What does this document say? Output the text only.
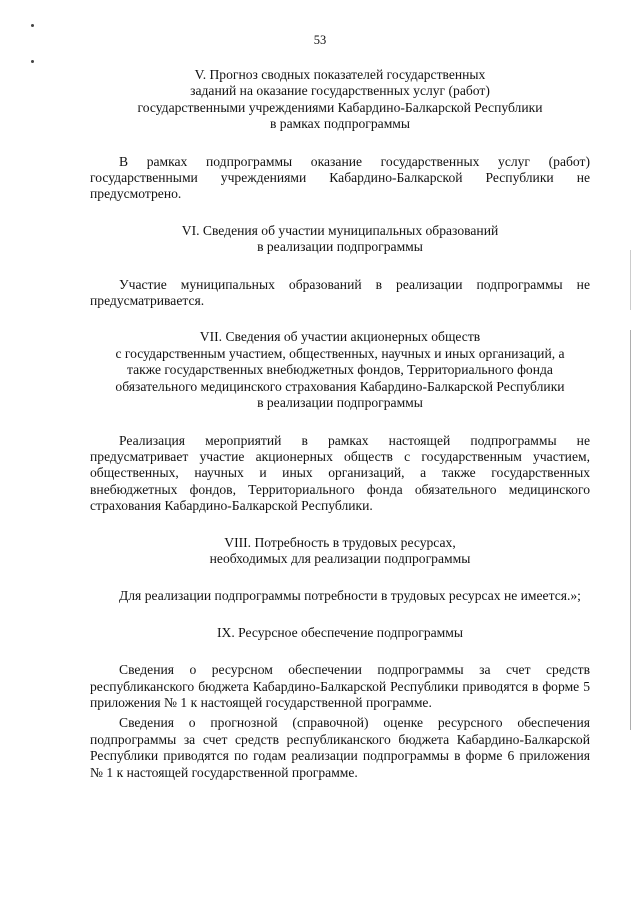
53
V. Прогноз сводных показателей государственных
заданий на оказание государственных услуг (работ)
государственными учреждениями Кабардино-Балкарской Республики
в рамках подпрограммы

В рамках подпрограммы оказание государственных услуг (работ) государственными учреждениями Кабардино-Балкарской Республики не предусмотрено.

VI. Сведения об участии муниципальных образований
в реализации подпрограммы

Участие муниципальных образований в реализации подпрограммы не предусматривается.

VII. Сведения об участии акционерных обществ
с государственным участием, общественных, научных и иных организаций, а
также государственных внебюджетных фондов, Территориального фонда
обязательного медицинского страхования Кабардино-Балкарской Республики
в реализации подпрограммы

Реализация мероприятий в рамках настоящей подпрограммы не предусматривает участие акционерных обществ с государственным участием, общественных, научных и иных организаций, а также государственных внебюджетных фондов, Территориального фонда обязательного медицинского страхования Кабардино-Балкарской Республики.

VIII. Потребность в трудовых ресурсах,
необходимых для реализации подпрограммы

Для реализации подпрограммы потребности в трудовых ресурсах не имеется.»;

IX. Ресурсное обеспечение подпрограммы

Сведения о ресурсном обеспечении подпрограммы за счет средств республиканского бюджета Кабардино-Балкарской Республики приводятся в форме 5 приложения № 1 к настоящей государственной программе.

Сведения о прогнозной (справочной) оценке ресурсного обеспечения подпрограммы за счет средств республиканского бюджета Кабардино-Балкарской Республики приводятся по годам реализации подпрограммы в форме 6 приложения № 1 к настоящей государственной программе.
